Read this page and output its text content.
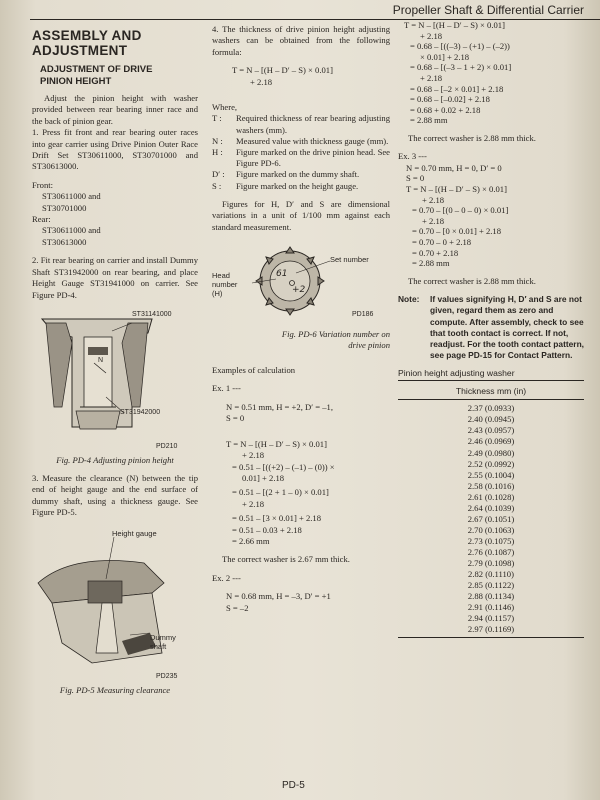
Propeller Shaft & Differential Carrier
ASSEMBLY AND
ADJUSTMENT
ADJUSTMENT OF DRIVE
PINION HEIGHT

Adjust the pinion height with washer provided between rear bearing inner race and the back of pinion gear.

1. Press fit front and rear bearing outer races into gear carrier using Drive Pinion Outer Race Drift Set ST30611000, ST30701000 and ST30613000.

Front:
ST30611000 and
ST30701000
Rear:
ST30611000 and
ST30613000

2. Fit rear bearing on carrier and install Dummy Shaft ST31942000 on rear bearing, and place Height Gauge ST31941000 on carrier. See Figure PD-4.

ST31141000
N
ST31942000
PD210
Fig. PD-4 Adjusting pinion height

3. Measure the clearance (N) between the tip end of height gauge and the end surface of dummy shaft, using a thickness gauge. See Figure PD-5.

Height gauge
Dummy
shaft
PD235
Fig. PD-5 Measuring clearance

4. The thickness of drive pinion height adjusting washers can be obtained from the following formula:

T = N – [(H – D′ – S) × 0.01]
+ 2.18

Where,

T :	Required thickness of rear bearing adjusting washers (mm).
N :	Measured value with thickness gauge (mm).
H :	Figure marked on the drive pinion head. See Figure PD-6.
D′ :	Figure marked on the dummy shaft.
S :	Figure marked on the height gauge.

Figures for H, D′ and S are dimensional variations in a unit of 1/100 mm against each standard measurement.

61
+2
Head
number
(H)
Set number
PD186
Fig. PD-6 Variation number on
drive pinion

Examples of calculation

Ex. 1 ---

N = 0.51 mm, H = +2, D′ = –1,
S = 0
T = N – [(H – D′ – S) × 0.01]
+ 2.18
= 0.51 – [((+2) – (–1) – (0)) ×
0.01] + 2.18
= 0.51 – [(2 + 1 – 0) × 0.01]
+ 2.18
= 0.51 – [3 × 0.01] + 2.18
= 0.51 – 0.03 + 2.18
= 2.66 mm

The correct washer is 2.67 mm thick.

Ex. 2 ---

N = 0.68 mm, H = –3, D′ = +1
S = –2
T = N – [(H – D′ – S) × 0.01]
+ 2.18
= 0.68 – [((–3) – (+1) – (–2))
× 0.01] + 2.18
= 0.68 – [(–3 – 1 + 2) × 0.01]
+ 2.18
= 0.68 – [–2 × 0.01] + 2.18
= 0.68 – [–0.02] + 2.18
= 0.68 + 0.02 + 2.18
= 2.88 mm

The correct washer is 2.88 mm thick.

Ex. 3 ---

N = 0.70 mm, H = 0, D′ = 0
S = 0
T = N – [(H – D′ – S) × 0.01]
+ 2.18
= 0.70 – [(0 – 0 – 0) × 0.01]
+ 2.18
= 0.70 – [0 × 0.01] + 2.18
= 0.70 – 0 + 2.18
= 0.70 + 2.18
= 2.88 mm

The correct washer is 2.88 mm thick.

Note:	If values signifying H, D′ and S are not given, regard them as zero and compute. After assembly, check to see that tooth contact is correct. If not, readjust. For the tooth contact pattern, see page PD-15 for Contact Pattern.
Pinion height adjusting washer
Thickness mm (in)
2.37 (0.0933)
2.40 (0.0945)
2.43 (0.0957)
2.46 (0.0969)
2.49 (0.0980)
2.52 (0.0992)
2.55 (0.1004)
2.58 (0.1016)
2.61 (0.1028)
2.64 (0.1039)
2.67 (0.1051)
2.70 (0.1063)
2.73 (0.1075)
2.76 (0.1087)
2.79 (0.1098)
2.82 (0.1110)
2.85 (0.1122)
2.88 (0.1134)
2.91 (0.1146)
2.94 (0.1157)
2.97 (0.1169)
PD-5
